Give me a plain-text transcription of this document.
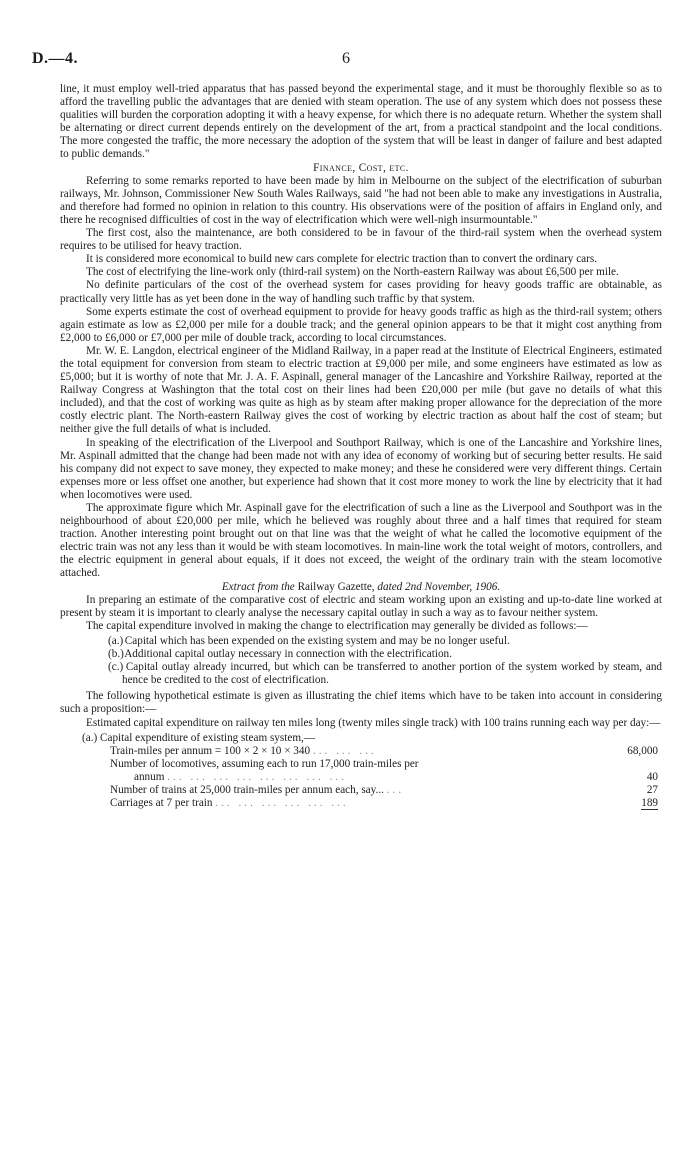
D.—4.	6

line, it must employ well-tried apparatus that has passed beyond the experimental stage, and it must be thoroughly flexible so as to afford the travelling public the advantages that are denied with steam operation. The use of any system which does not possess these qualities will burden the corporation adopting it with a heavy expense, for which there is no adequate return. Whether the system shall be alternating or direct current depends entirely on the development of the art, from a practical standpoint and the local conditions. The more congested the traffic, the more necessary the adoption of the system that will be least in danger of failure and best adapted to public demands."

Finance, Cost, etc.

Referring to some remarks reported to have been made by him in Melbourne on the subject of the electrification of suburban railways, Mr. Johnson, Commissioner New South Wales Railways, said "he had not been able to make any investigations in Australia, and therefore had formed no opinion in relation to this country. His observations were of the position of affairs in England only, and there he recognised difficulties of cost in the way of electrification which were well-nigh insurmountable."

The first cost, also the maintenance, are both considered to be in favour of the third-rail system when the overhead system requires to be utilised for heavy traction.

It is considered more economical to build new cars complete for electric traction than to convert the ordinary cars.

The cost of electrifying the line-work only (third-rail system) on the North-eastern Railway was about £6,500 per mile.

No definite particulars of the cost of the overhead system for cases providing for heavy goods traffic are obtainable, as practically very little has as yet been done in the way of handling such traffic by that system.

Some experts estimate the cost of overhead equipment to provide for heavy goods traffic as high as the third-rail system; others again estimate as low as £2,000 per mile for a double track; and the general opinion appears to be that it might cost anything from £2,000 to £6,000 or £7,000 per mile of double track, according to local circumstances.

Mr. W. E. Langdon, electrical engineer of the Midland Railway, in a paper read at the Institute of Electrical Engineers, estimated the total equipment for conversion from steam to electric traction at £9,000 per mile, and some engineers have estimated as low as £5,000; but it is worthy of note that Mr. J. A. F. Aspinall, general manager of the Lancashire and Yorkshire Railway, reported at the Railway Congress at Washington that the total cost on their lines had been £20,000 per mile (but gave no details of what this included), and that the cost of working was quite as high as by steam after making proper allowance for the depreciation of the more costly electric plant. The North-eastern Railway gives the cost of working by electric traction as about half the cost of steam; but neither give the full details of what is included.

In speaking of the electrification of the Liverpool and Southport Railway, which is one of the Lancashire and Yorkshire lines, Mr. Aspinall admitted that the change had been made not with any idea of economy of working but of securing better results. He said his company did not expect to save money, they expected to make money; and these he considered were very different things. Certain expenses more or less offset one another, but experience had shown that it cost more money to work the line by electricity that it had when locomotives were used.

The approximate figure which Mr. Aspinall gave for the electrification of such a line as the Liverpool and Southport was in the neighbourhood of about £20,000 per mile, which he believed was roughly about three and a half times that required for steam traction. Another interesting point brought out on that line was that the weight of what he called the locomotive equipment of the electric train was not any less than it would be with steam locomotives. In main-line work the total weight of motors, controllers, and the electric equipment in general about equals, if it does not exceed, the weight of the ordinary train with the steam locomotive attached.

Extract from the Railway Gazette, dated 2nd November, 1906.

In preparing an estimate of the comparative cost of electric and steam working upon an existing and up-to-date line worked at present by steam it is important to clearly analyse the necessary capital outlay in such a way as to favour neither system.

The capital expenditure involved in making the change to electrification may generally be divided as follows:—

(a.) Capital which has been expended on the existing system and may be no longer useful.
(b.) Additional capital outlay necessary in connection with the electrification.
(c.) Capital outlay already incurred, but which can be transferred to another portion of the system worked by steam, and hence be credited to the cost of electrification.

The following hypothetical estimate is given as illustrating the chief items which have to be taken into account in considering such a proposition:—

Estimated capital expenditure on railway ten miles long (twenty miles single track) with 100 trains running each way per day:—

(a.) Capital expenditure of existing steam system,—	
Train-miles per annum = 100 × 2 × 10 × 340 ... ... ...	68,000
Number of locomotives, assuming each to run 17,000 train-miles per	
annum ... ... ... ... ... ... ... ...	40
Number of trains at 25,000 train-miles per annum each, say... ...	27
Carriages at 7 per train ... ... ... ... ... ...	189
